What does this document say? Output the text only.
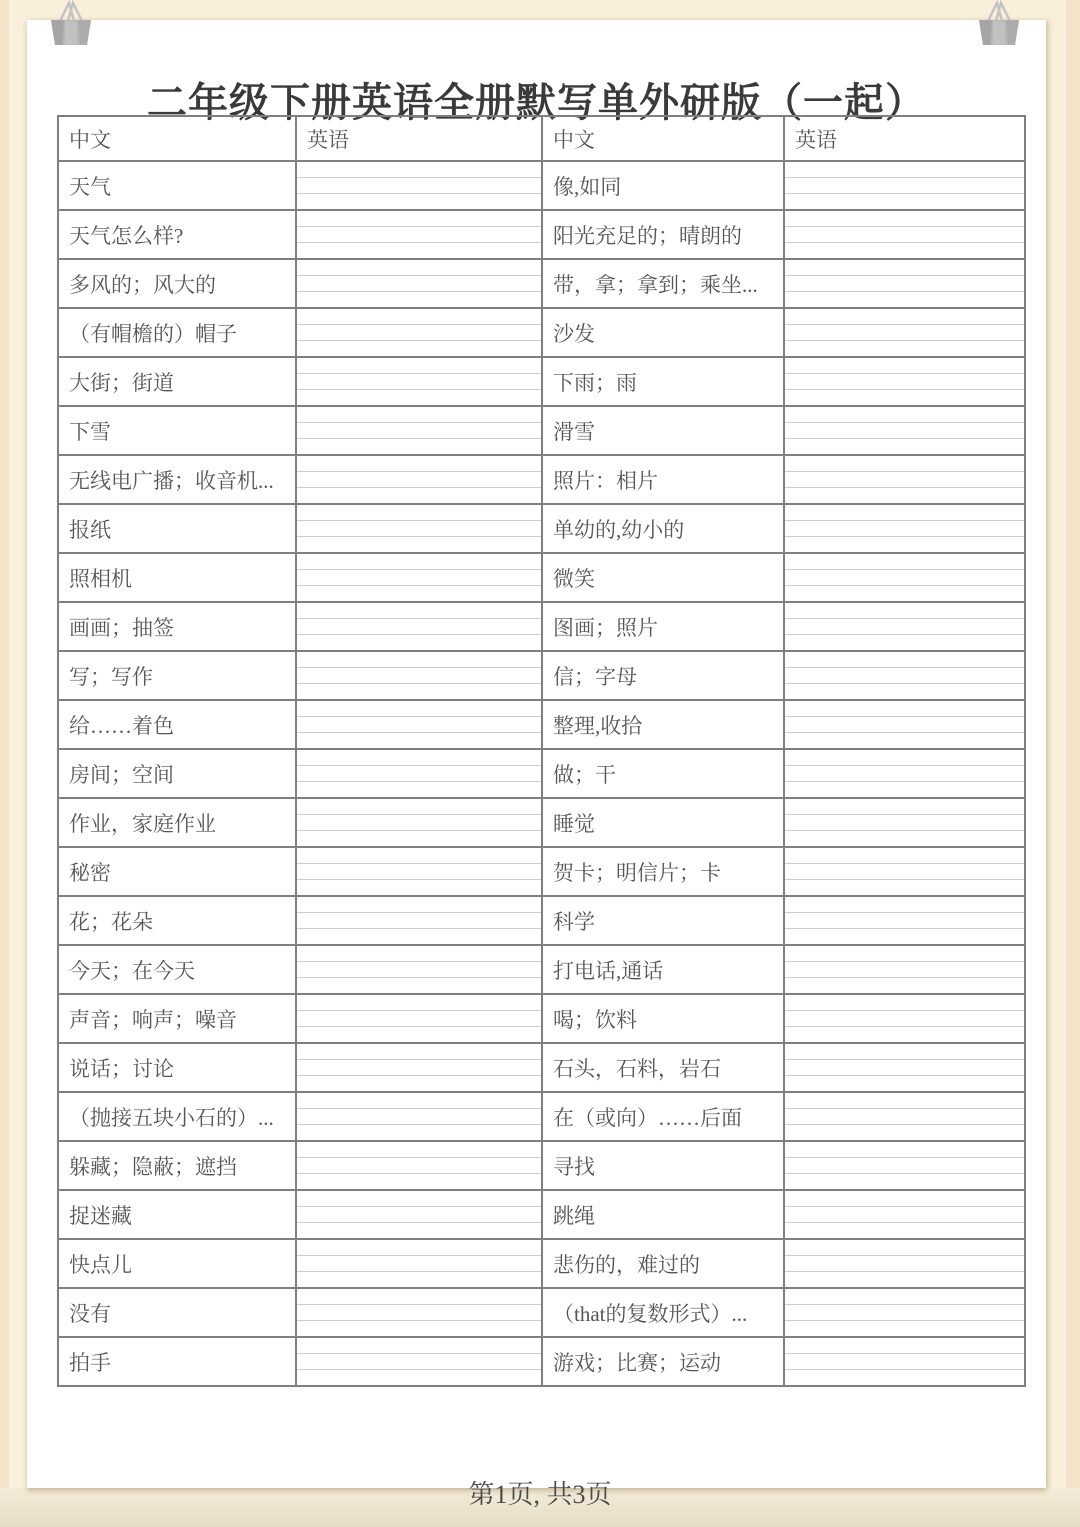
二年级下册英语全册默写单外研版（一起）
中文	英语	中文	英语
天气		像,如同	
天气怎么样?		阳光充足的；晴朗的	
多风的；风大的		带，拿；拿到；乘坐...	
（有帽檐的）帽子		沙发	
大街；街道		下雨；雨	
下雪		滑雪	
无线电广播；收音机...		照片：相片	
报纸		单幼的,幼小的	
照相机		微笑	
画画；抽签		图画；照片	
写；写作		信；字母	
给……着色		整理,收拾	
房间；空间		做；干	
作业，家庭作业		睡觉	
秘密		贺卡；明信片；卡	
花；花朵		科学	
今天；在今天		打电话,通话	
声音；响声；噪音		喝；饮料	
说话；讨论		石头，石料，岩石	
（抛接五块小石的）...		在（或向）……后面	
躲藏；隐蔽；遮挡		寻找	
捉迷藏		跳绳	
快点儿		悲伤的，难过的	
没有		（that的复数形式）...	
拍手		游戏；比赛；运动	
第1页, 共3页
